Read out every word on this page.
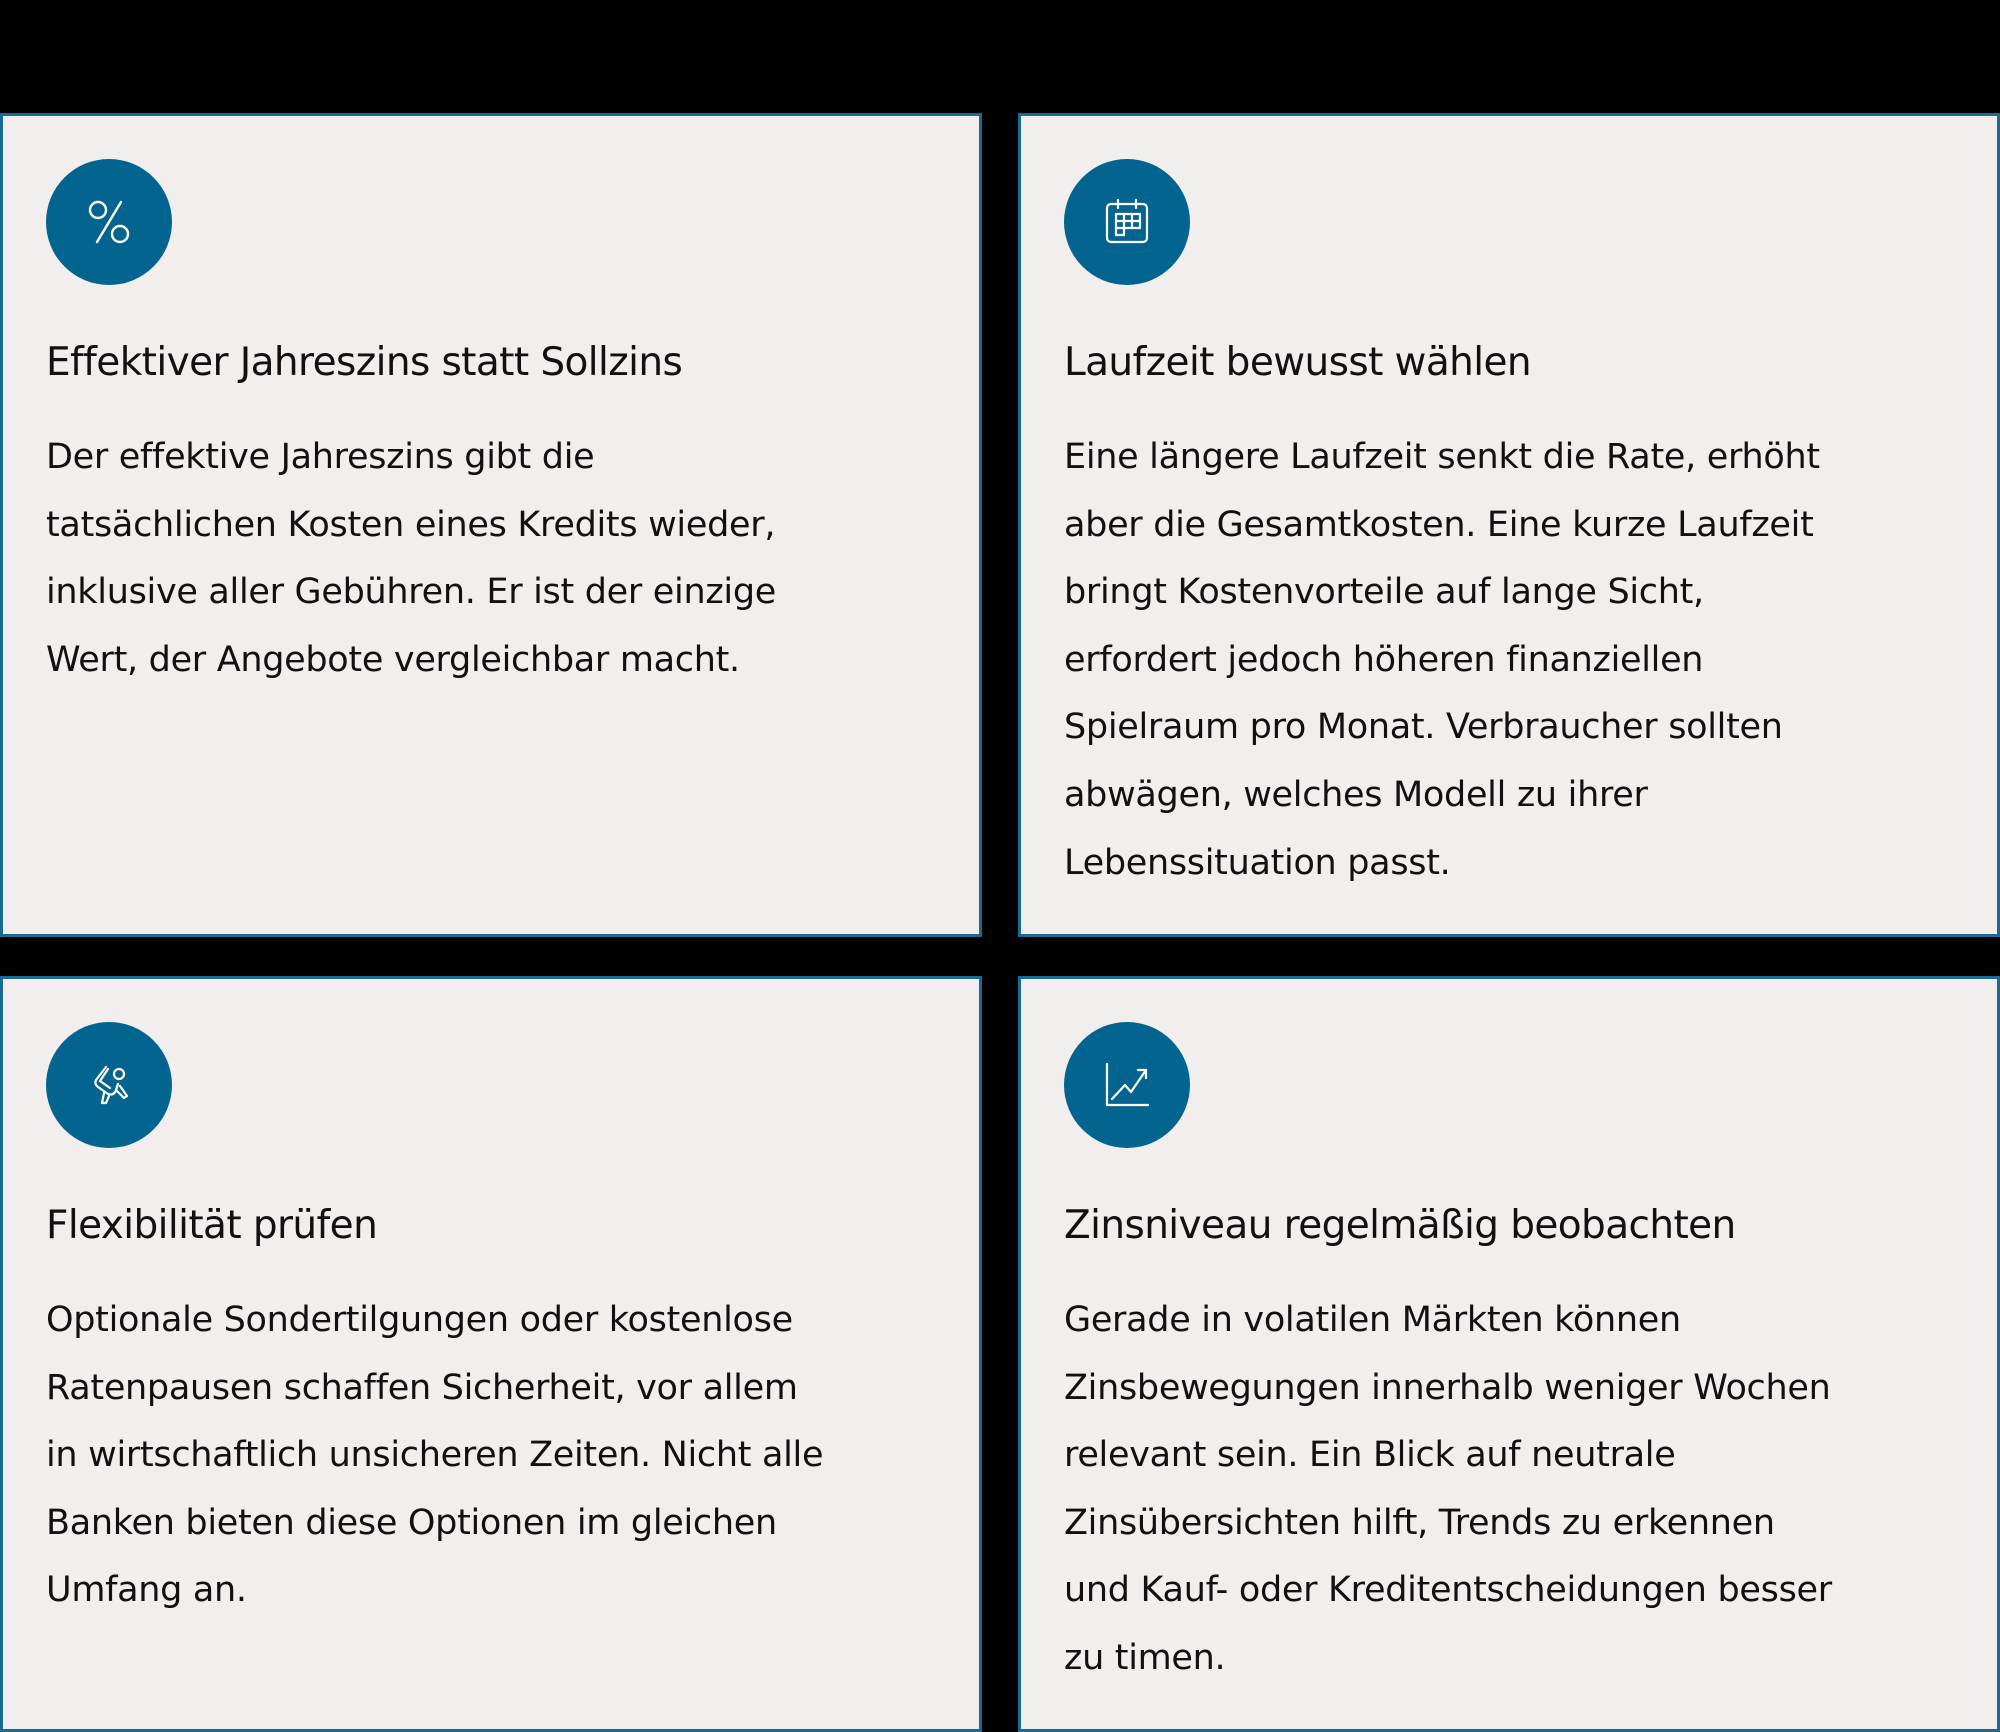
Effektiver Jahreszins statt Sollzins

Der effektive Jahreszins gibt die
tatsächlichen Kosten eines Kredits wieder,
inklusive aller Gebühren. Er ist der einzige
Wert, der Angebote vergleichbar macht.

Laufzeit bewusst wählen

Eine längere Laufzeit senkt die Rate, erhöht
aber die Gesamtkosten. Eine kurze Laufzeit
bringt Kostenvorteile auf lange Sicht,
erfordert jedoch höheren finanziellen
Spielraum pro Monat. Verbraucher sollten
abwägen, welches Modell zu ihrer
Lebenssituation passt.

Flexibilität prüfen

Optionale Sondertilgungen oder kostenlose
Ratenpausen schaffen Sicherheit, vor allem
in wirtschaftlich unsicheren Zeiten. Nicht alle
Banken bieten diese Optionen im gleichen
Umfang an.

Zinsniveau regelmäßig beobachten

Gerade in volatilen Märkten können
Zinsbewegungen innerhalb weniger Wochen
relevant sein. Ein Blick auf neutrale
Zinsübersichten hilft, Trends zu erkennen
und Kauf- oder Kreditentscheidungen besser
zu timen.
